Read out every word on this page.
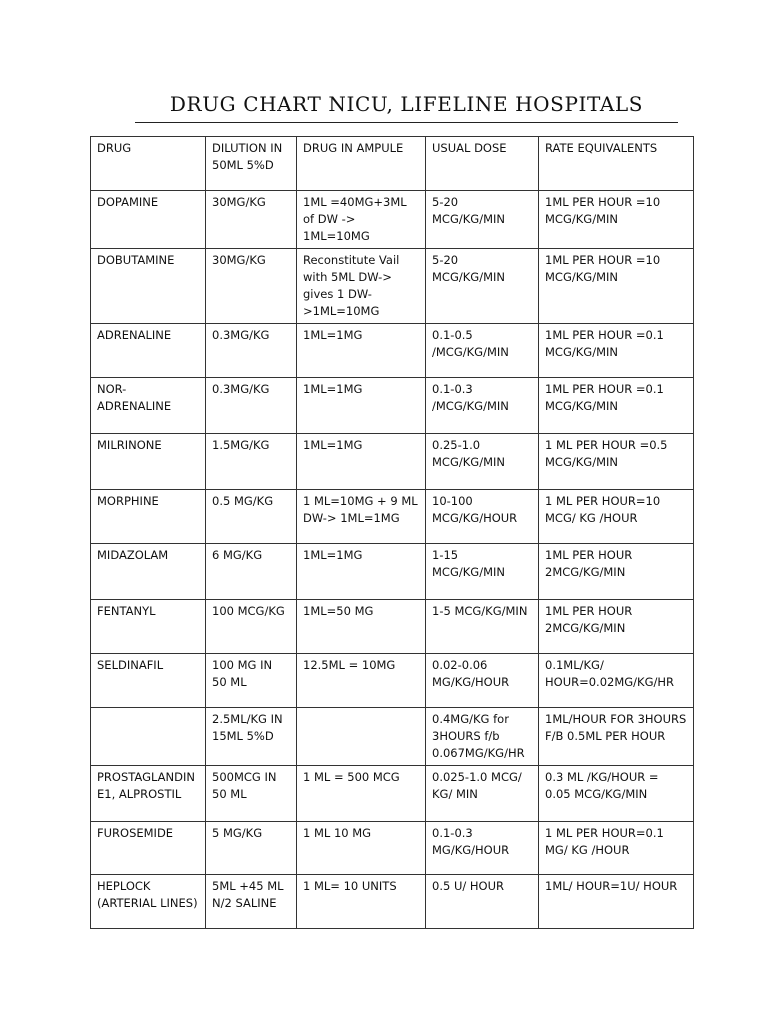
DRUG CHART NICU, LIFELINE HOSPITALS
DRUG	DILUTION IN 50ML 5%D	DRUG IN AMPULE	USUAL DOSE	RATE EQUIVALENTS
DOPAMINE	30MG/KG	1ML =40MG+3ML of DW -> 1ML=10MG	5-20 MCG/KG/MIN	1ML PER HOUR =10 MCG/KG/MIN
DOBUTAMINE	30MG/KG	Reconstitute Vail with 5ML DW-> gives 1 DW- >1ML=10MG	5-20 MCG/KG/MIN	1ML PER HOUR =10 MCG/KG/MIN
ADRENALINE	0.3MG/KG	1ML=1MG	0.1-0.5 /MCG/KG/MIN	1ML PER HOUR =0.1 MCG/KG/MIN
NOR- ADRENALINE	0.3MG/KG	1ML=1MG	0.1-0.3 /MCG/KG/MIN	1ML PER HOUR =0.1 MCG/KG/MIN
MILRINONE	1.5MG/KG	1ML=1MG	0.25-1.0 MCG/KG/MIN	1 ML PER HOUR =0.5 MCG/KG/MIN
MORPHINE	0.5 MG/KG	1 ML=10MG + 9 ML DW-> 1ML=1MG	10-100 MCG/KG/HOUR	1 ML PER HOUR=10 MCG/ KG /HOUR
MIDAZOLAM	6 MG/KG	1ML=1MG	1-15 MCG/KG/MIN	1ML PER HOUR 2MCG/KG/MIN
FENTANYL	100 MCG/KG	1ML=50 MG	1-5 MCG/KG/MIN	1ML PER HOUR 2MCG/KG/MIN
SELDINAFIL	100 MG IN 50 ML	12.5ML = 10MG	0.02-0.06 MG/KG/HOUR	0.1ML/KG/ HOUR=0.02MG/KG/HR
	2.5ML/KG IN 15ML 5%D		0.4MG/KG for 3HOURS f/b 0.067MG/KG/HR	1ML/HOUR FOR 3HOURS F/B 0.5ML PER HOUR
PROSTAGLANDIN E1, ALPROSTIL	500MCG IN 50 ML	1 ML = 500 MCG	0.025-1.0 MCG/ KG/ MIN	0.3 ML /KG/HOUR = 0.05 MCG/KG/MIN
FUROSEMIDE	5 MG/KG	1 ML 10 MG	0.1-0.3 MG/KG/HOUR	1 ML PER HOUR=0.1 MG/ KG /HOUR
HEPLOCK (ARTERIAL LINES)	5ML +45 ML N/2 SALINE	1 ML= 10 UNITS	0.5 U/ HOUR	1ML/ HOUR=1U/ HOUR
